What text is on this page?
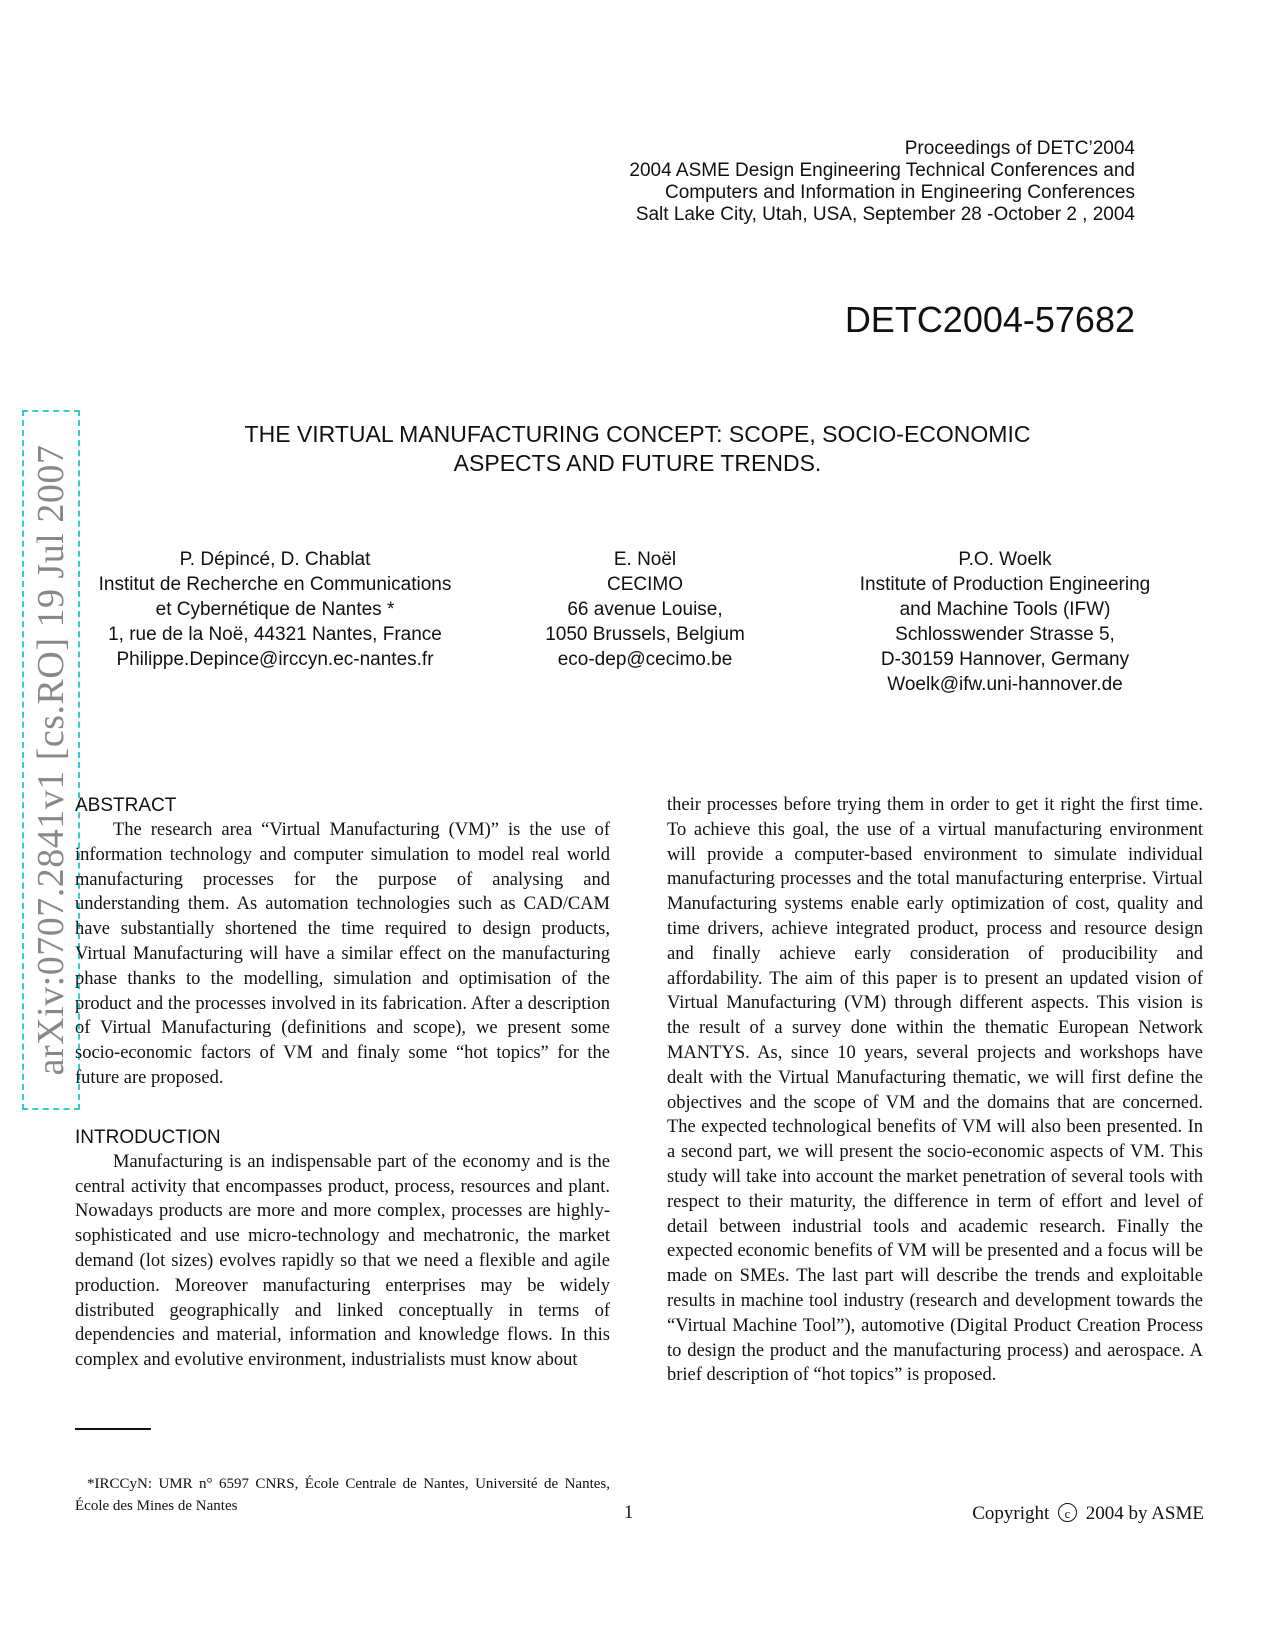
Proceedings of DETC’2004
2004 ASME Design Engineering Technical Conferences and
Computers and Information in Engineering Conferences
Salt Lake City, Utah, USA, September 28 -October 2 , 2004
DETC2004-57682
THE VIRTUAL MANUFACTURING CONCEPT: SCOPE, SOCIO-ECONOMIC
ASPECTS AND FUTURE TRENDS.
P. Dépincé, D. Chablat
Institut de Recherche en Communications
et Cybernétique de Nantes *
1, rue de la Noë, 44321 Nantes, France
Philippe.Depince@irccyn.ec-nantes.fr
E. Noël
CECIMO
66 avenue Louise,
1050 Brussels, Belgium
eco-dep@cecimo.be
P.O. Woelk
Institute of Production Engineering
and Machine Tools (IFW)
Schlosswender Strasse 5,
D-30159 Hannover, Germany
Woelk@ifw.uni-hannover.de
arXiv:0707.2841v1 [cs.RO] 19 Jul 2007 ABSTRACT

The research area “Virtual Manufacturing (VM)” is the use of information technology and computer simulation to model real world manufacturing processes for the purpose of analysing and understanding them. As automation technologies such as CAD/CAM have substantially shortened the time required to design products, Virtual Manufacturing will have a similar effect on the manufacturing phase thanks to the modelling, simulation and optimisation of the product and the processes involved in its fabrication. After a description of Virtual Manufacturing (definitions and scope), we present some socio-economic factors of VM and finaly some “hot topics” for the future are proposed.

INTRODUCTION

Manufacturing is an indispensable part of the economy and is the central activity that encompasses product, process, resources and plant. Nowadays products are more and more complex, processes are highly-sophisticated and use micro-technology and mechatronic, the market demand (lot sizes) evolves rapidly so that we need a flexible and agile production. Moreover manufacturing enterprises may be widely distributed geographically and linked conceptually in terms of dependencies and material, information and knowledge flows. In this complex and evolutive environment, industrialists must know about

their processes before trying them in order to get it right the first time. To achieve this goal, the use of a virtual manufacturing environment will provide a computer-based environment to simulate individual manufacturing processes and the total manufacturing enterprise. Virtual Manufacturing systems enable early optimization of cost, quality and time drivers, achieve integrated product, process and resource design and finally achieve early consideration of producibility and affordability. The aim of this paper is to present an updated vision of Virtual Manufacturing (VM) through different aspects. This vision is the result of a survey done within the thematic European Network MANTYS. As, since 10 years, several projects and workshops have dealt with the Virtual Manufacturing thematic, we will first define the objectives and the scope of VM and the domains that are concerned. The expected technological benefits of VM will also been presented. In a second part, we will present the socio-economic aspects of VM. This study will take into account the market penetration of several tools with respect to their maturity, the difference in term of effort and level of detail between industrial tools and academic research. Finally the expected economic benefits of VM will be presented and a focus will be made on SMEs. The last part will describe the trends and exploitable results in machine tool industry (research and development towards the “Virtual Machine Tool”), automotive (Digital Product Creation Process to design the product and the manufacturing process) and aerospace. A brief description of “hot topics” is proposed.

*IRCCyN: UMR n° 6597 CNRS, École Centrale de Nantes, Université de Nantes, École des Mines de Nantes	1	Copyright c 2004 by ASME
